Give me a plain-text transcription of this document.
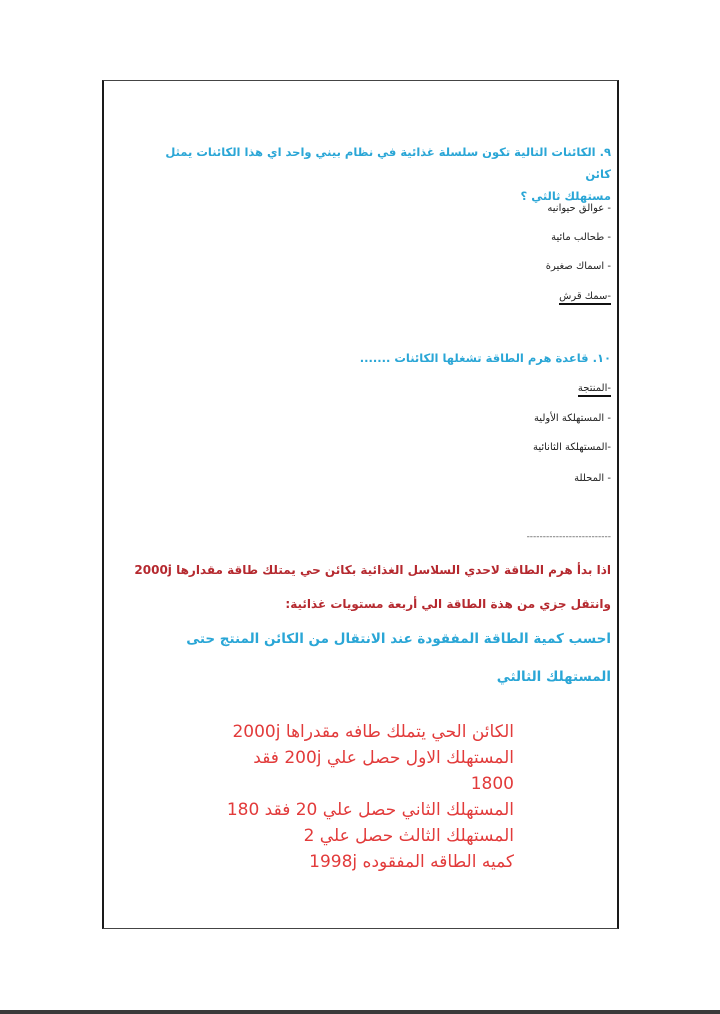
٩. الكائنات التالية تكون سلسلة غذائية في نظام بيني واحد اي هذا الكائنات يمثل كائن
مستهلك ثالثي ؟
- عوالق حيوانيه
- طحالب مائية
- اسماك صغيرة
-سمك قرش
١٠. قاعدة هرم الطاقة تشغلها الكائنات .......
-المنتجة
- المستهلكة الأولية
-المستهلكة الثانائية
- المحللة
--------------------------
اذا بدأ هرم الطاقة لاحدي السلاسل الغذائية بكائن حي يمتلك طاقة مقدارها 2000j
وانتقل جزي من هذة الطاقة الي أربعة مستويات غذائية:
احسب كمية الطاقة المفقودة عند الانتقال من الكائن المنتج حتى
المستهلك الثالثي
الكائن الحي يتملك طافه مقدراها 2000j
المستهلك الاول حصل علي 200j فقد
1800
المستهلك الثاني حصل علي 20 فقد 180
المستهلك الثالث حصل علي 2
كميه الطاقه المفقوده 1998j
